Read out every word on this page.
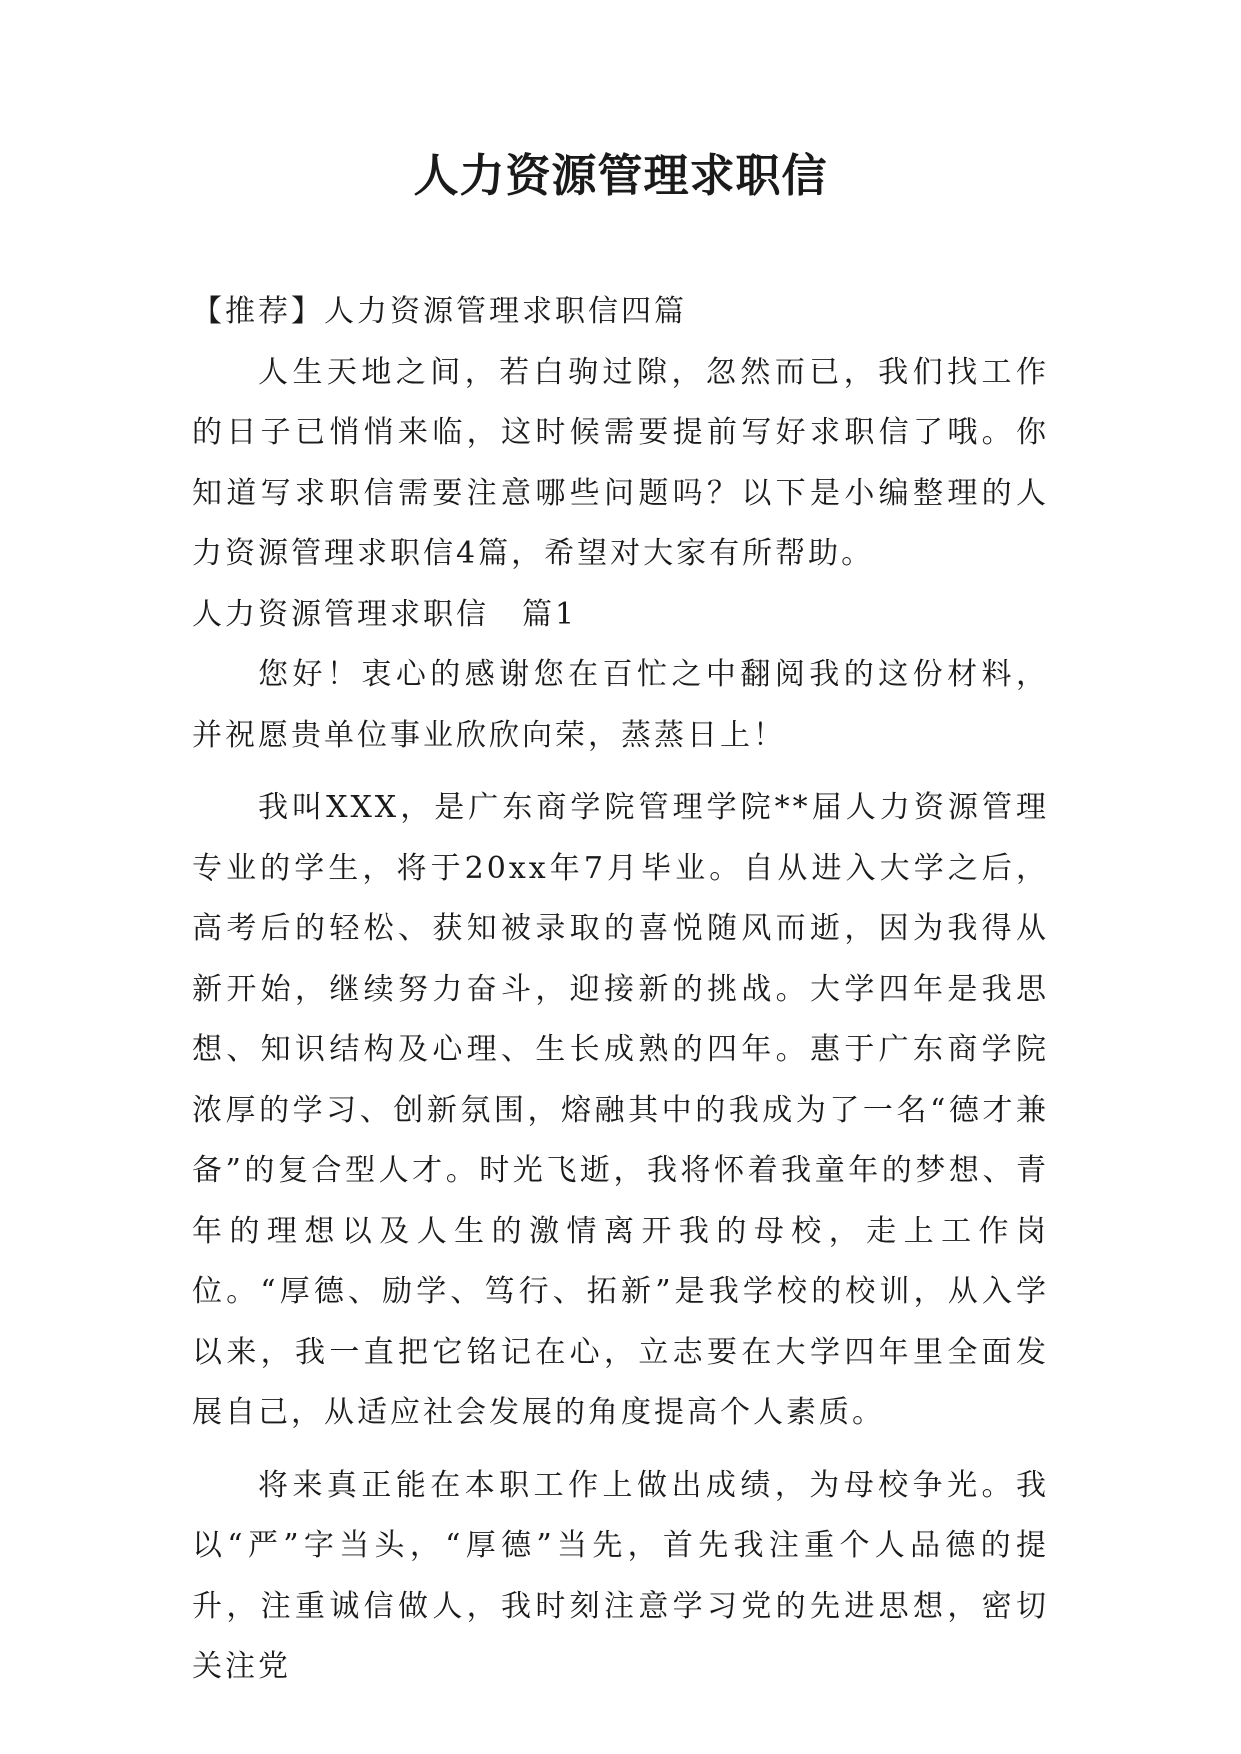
人力资源管理求职信

【推荐】人力资源管理求职信四篇

人生天地之间，若白驹过隙，忽然而已，我们找工作的日子已悄悄来临，这时候需要提前写好求职信了哦。你知道写求职信需要注意哪些问题吗？以下是小编整理的人力资源管理求职信4篇，希望对大家有所帮助。

人力资源管理求职信　篇1

您好！衷心的感谢您在百忙之中翻阅我的这份材料，并祝愿贵单位事业欣欣向荣，蒸蒸日上！

我叫XXX，是广东商学院管理学院**届人力资源管理专业的学生，将于20xx年7月毕业。自从进入大学之后，高考后的轻松、获知被录取的喜悦随风而逝，因为我得从新开始，继续努力奋斗，迎接新的挑战。大学四年是我思想、知识结构及心理、生长成熟的四年。惠于广东商学院浓厚的学习、创新氛围，熔融其中的我成为了一名“德才兼备”的复合型人才。时光飞逝，我将怀着我童年的梦想、青年的理想以及人生的激情离开我的母校，走上工作岗位。“厚德、励学、笃行、拓新”是我学校的校训，从入学以来，我一直把它铭记在心，立志要在大学四年里全面发展自己，从适应社会发展的角度提高个人素质。

将来真正能在本职工作上做出成绩，为母校争光。我以“严”字当头，“厚德”当先，首先我注重个人品德的提升，注重诚信做人，我时刻注意学习党的先进思想，密切关注党
